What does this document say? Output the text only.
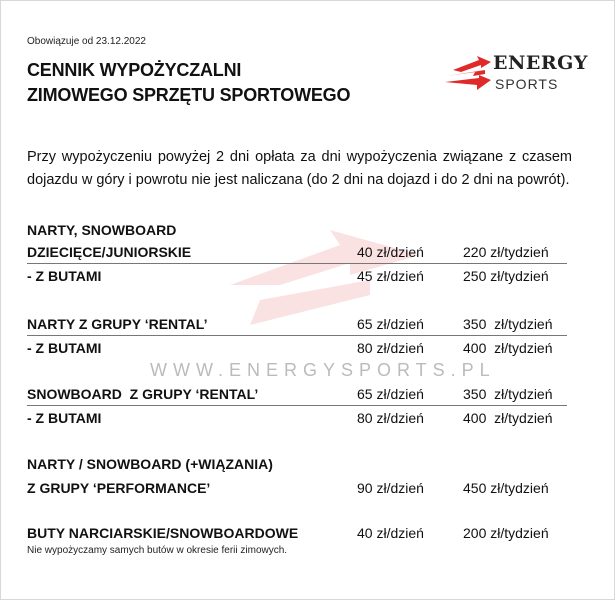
WWW.ENERGYSPORTS.PL
Obowiązuje od 23.12.2022
CENNIK WYPOŻYCZALNI
ZIMOWEGO SPRZĘTU SPORTOWEGO
ENERGY
SPORTS
Przy wypożyczeniu powyżej 2 dni opłata za dni wypożyczenia związane z czasem dojazdu w góry i powrotu nie jest naliczana (do 2 dni na dojazd i do 2 dni na powrót).
NARTY, SNOWBOARD
DZIECIĘCE/JUNIORSKIE	40 zł/dzień	220 zł/tydzień
- Z BUTAMI	45 zł/dzień	250 zł/tydzień
NARTY Z GRUPY ‘RENTAL’	65 zł/dzień	350  zł/tydzień
- Z BUTAMI	80 zł/dzień	400  zł/tydzień
SNOWBOARD  Z GRUPY ‘RENTAL’	65 zł/dzień	350  zł/tydzień
- Z BUTAMI	80 zł/dzień	400  zł/tydzień
NARTY / SNOWBOARD (+WIĄZANIA)
Z GRUPY ‘PERFORMANCE’	90 zł/dzień	450 zł/tydzień
BUTY NARCIARSKIE/SNOWBOARDOWE	40 zł/dzień	200 zł/tydzień
Nie wypożyczamy samych butów w okresie ferii zimowych.
